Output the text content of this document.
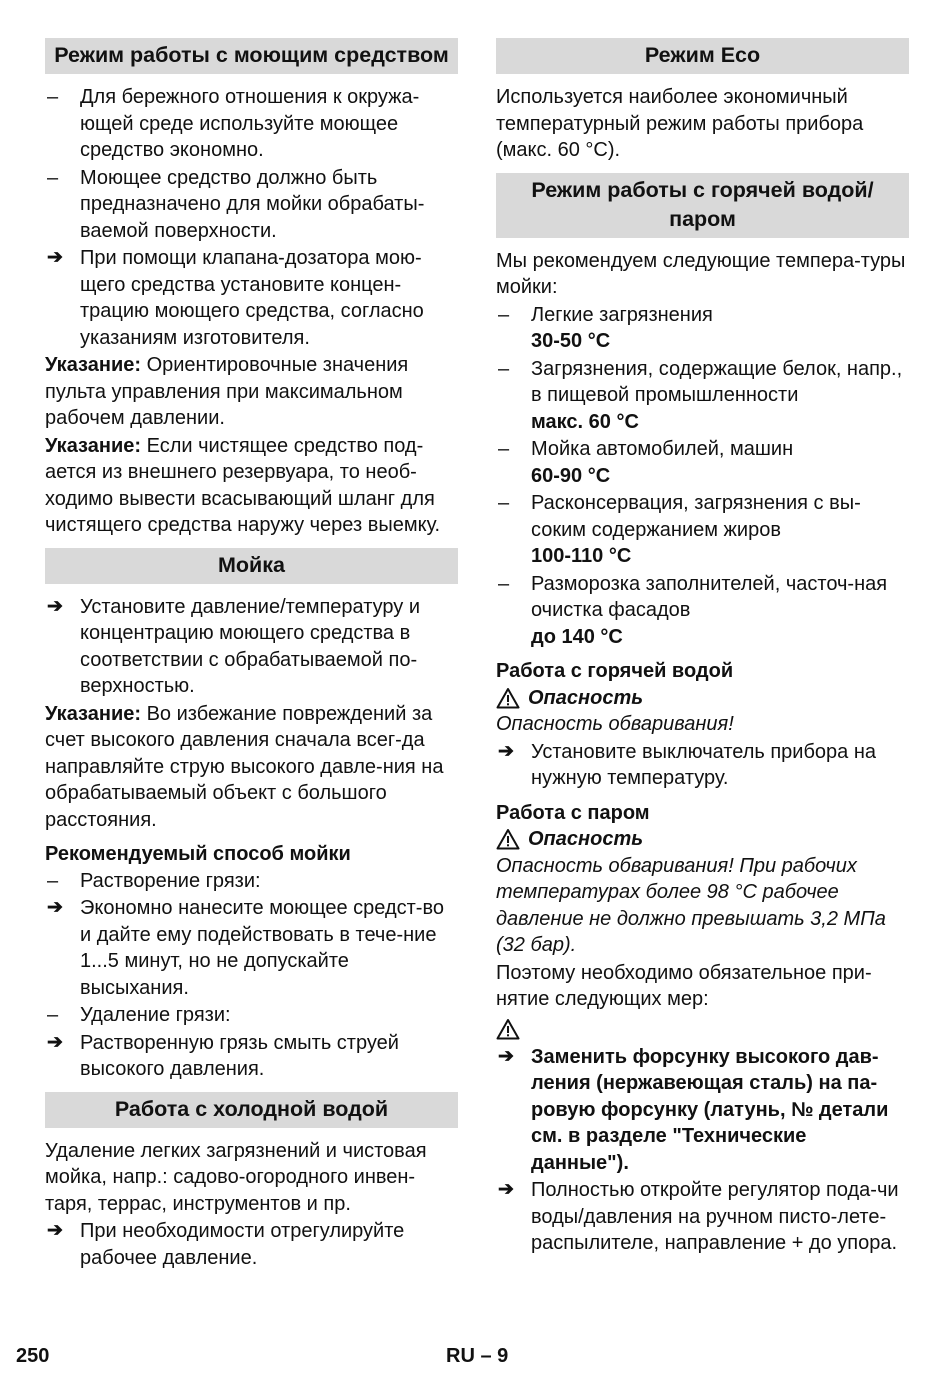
Режим работы с моющим средством
–	Для бережного отношения к окружа-ющей среде используйте моющее средство экономно.
–	Моющее средство должно быть предназначено для мойки обрабаты-ваемой поверхности.
➔ При помощи клапана-дозатора мою-щего средства установите концен-трацию моющего средства, согласно указаниям изготовителя.
Указание: Ориентировочные значения пульта управления при максимальном рабочем давлении.
Указание: Если чистящее средство под-ается из внешнего резервуара, то необ-ходимо вывести всасывающий шланг для чистящего средства наружу через выемку.
Мойка
➔ Установите давление/температуру и концентрацию моющего средства в соответствии с обрабатываемой по-верхностью.
Указание: Во избежание повреждений за счет высокого давления сначала всег-да направляйте струю высокого давле-ния на обрабатываемый объект с большого расстояния.
Рекомендуемый способ мойки
–	Растворение грязи:
➔ Экономно нанесите моющее средст-во и дайте ему подействовать в тече-ние 1...5 минут, но не допускайте высыхания.
–	Удаление грязи:
➔ Растворенную грязь смыть струей высокого давления.
Работа с холодной водой
Удаление легких загрязнений и чистовая мойка, напр.: садово-огородного инвен-таря, террас, инструментов и пр.
➔ При необходимости отрегулируйте рабочее давление.
Режим Eco
Используется наиболее экономичный температурный режим работы прибора (макс. 60 °C).
Режим работы с горячей водой/ паром
Мы рекомендуем следующие темпера-туры мойки:
–	Легкие загрязнения
30-50 °C
–	Загрязнения, содержащие белок, напр., в пищевой промышленности
макс. 60 °C
–	Мойка автомобилей, машин
60-90 °C
–	Расконсервация, загрязнения с вы-соким содержанием жиров
100-110 °C
–	Разморозка заполнителей, часточ-ная очистка фасадов
до 140 °C
Работа с горячей водой
Опасность
Опасность обваривания!
➔ Установите выключатель прибора на нужную температуру.
Работа с паром
Опасность
Опасность обваривания! При рабочих температурах более 98 °C рабочее давление не должно превышать 3,2 МПа (32 бар).
Поэтому необходимо обязательное при-нятие следующих мер:
➔ Заменить форсунку высокого дав-ления (нержавеющая сталь) на па-ровую форсунку (латунь, № детали см. в разделе "Технические данные").
➔ Полностью откройте регулятор пода-чи воды/давления на ручном писто-лете-распылителе, направление + до упора.
250	RU – 9
